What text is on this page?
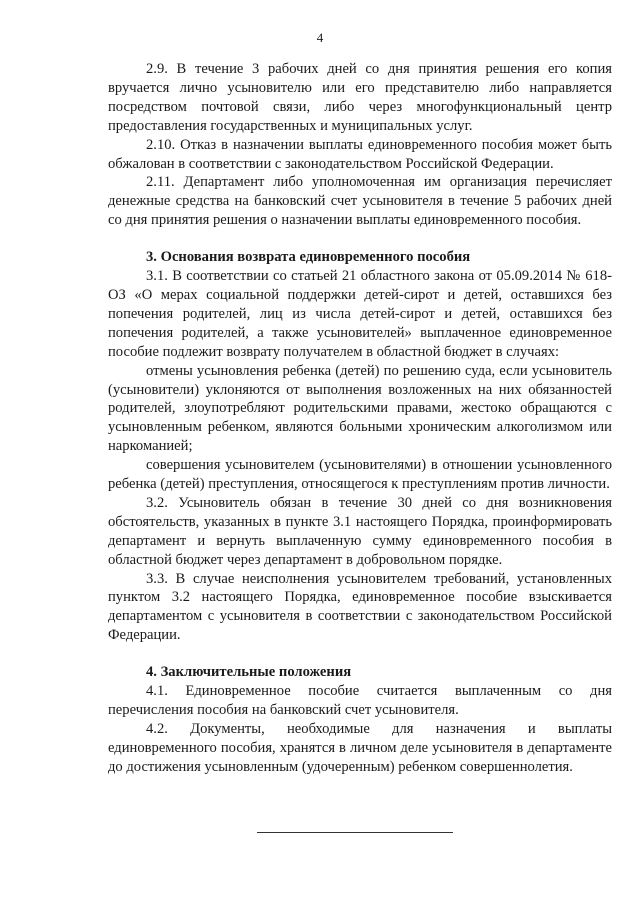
4

2.9. В течение 3 рабочих дней со дня принятия решения его копия вручается лично усыновителю или его представителю либо направляется посредством почтовой связи, либо через многофункциональный центр предоставления государственных и муниципальных услуг.

2.10. Отказ в назначении выплаты единовременного пособия может быть обжалован в соответствии с законодательством Российской Федерации.

2.11. Департамент либо уполномоченная им организация перечисляет денежные средства на банковский счет усыновителя в течение 5 рабочих дней со дня принятия решения о назначении выплаты единовременного пособия.

3. Основания возврата единовременного пособия

3.1. В соответствии со статьей 21 областного закона от 05.09.2014 № 618-ОЗ «О мерах социальной поддержки детей-сирот и детей, оставшихся без попечения родителей, лиц из числа детей-сирот и детей, оставшихся без попечения родителей, а также усыновителей» выплаченное единовременное пособие подлежит возврату получателем в областной бюджет в случаях:

отмены усыновления ребенка (детей) по решению суда, если усыновитель (усыновители) уклоняются от выполнения возложенных на них обязанностей родителей, злоупотребляют родительскими правами, жестоко обращаются с усыновленным ребенком, являются больными хроническим алкоголизмом или наркоманией;

совершения усыновителем (усыновителями) в отношении усыновленного ребенка (детей) преступления, относящегося к преступлениям против личности.

3.2. Усыновитель обязан в течение 30 дней со дня возникновения обстоятельств, указанных в пункте 3.1 настоящего Порядка, проинформировать департамент и вернуть выплаченную сумму единовременного пособия в областной бюджет через департамент в добровольном порядке.

3.3. В случае неисполнения усыновителем требований, установленных пунктом 3.2 настоящего Порядка, единовременное пособие взыскивается департаментом с усыновителя в соответствии с законодательством Российской Федерации.

4. Заключительные положения

4.1. Единовременное пособие считается выплаченным со дня перечисления пособия на банковский счет усыновителя.

4.2. Документы, необходимые для назначения и выплаты единовременного пособия, хранятся в личном деле усыновителя в департаменте до достижения усыновленным (удочеренным) ребенком совершеннолетия.
